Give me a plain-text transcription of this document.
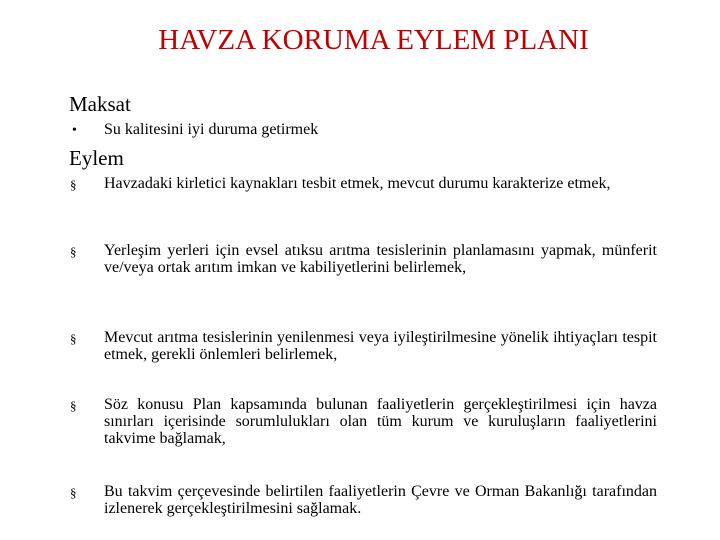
HAVZA KORUMA EYLEM PLANI
Maksat
• Su kalitesini iyi duruma getirmek
Eylem
§ Havzadaki kirletici kaynakları tesbit etmek, mevcut durumu karakterize etmek,
§ Yerleşim yerleri için evsel atıksu arıtma tesislerinin planlamasını yapmak, münferit ve/veya ortak arıtım imkan ve kabiliyetlerini belirlemek,
§ Mevcut arıtma tesislerinin yenilenmesi veya iyileştirilmesine yönelik ihtiyaçları tespit etmek, gerekli önlemleri belirlemek,
§ Söz konusu Plan kapsamında bulunan faaliyetlerin gerçekleştirilmesi için havza sınırları içerisinde sorumlulukları olan tüm kurum ve kuruluşların faaliyetlerini takvime bağlamak,
§ Bu takvim çerçevesinde belirtilen faaliyetlerin Çevre ve Orman Bakanlığı tarafından izlenerek gerçekleştirilmesini sağlamak.
